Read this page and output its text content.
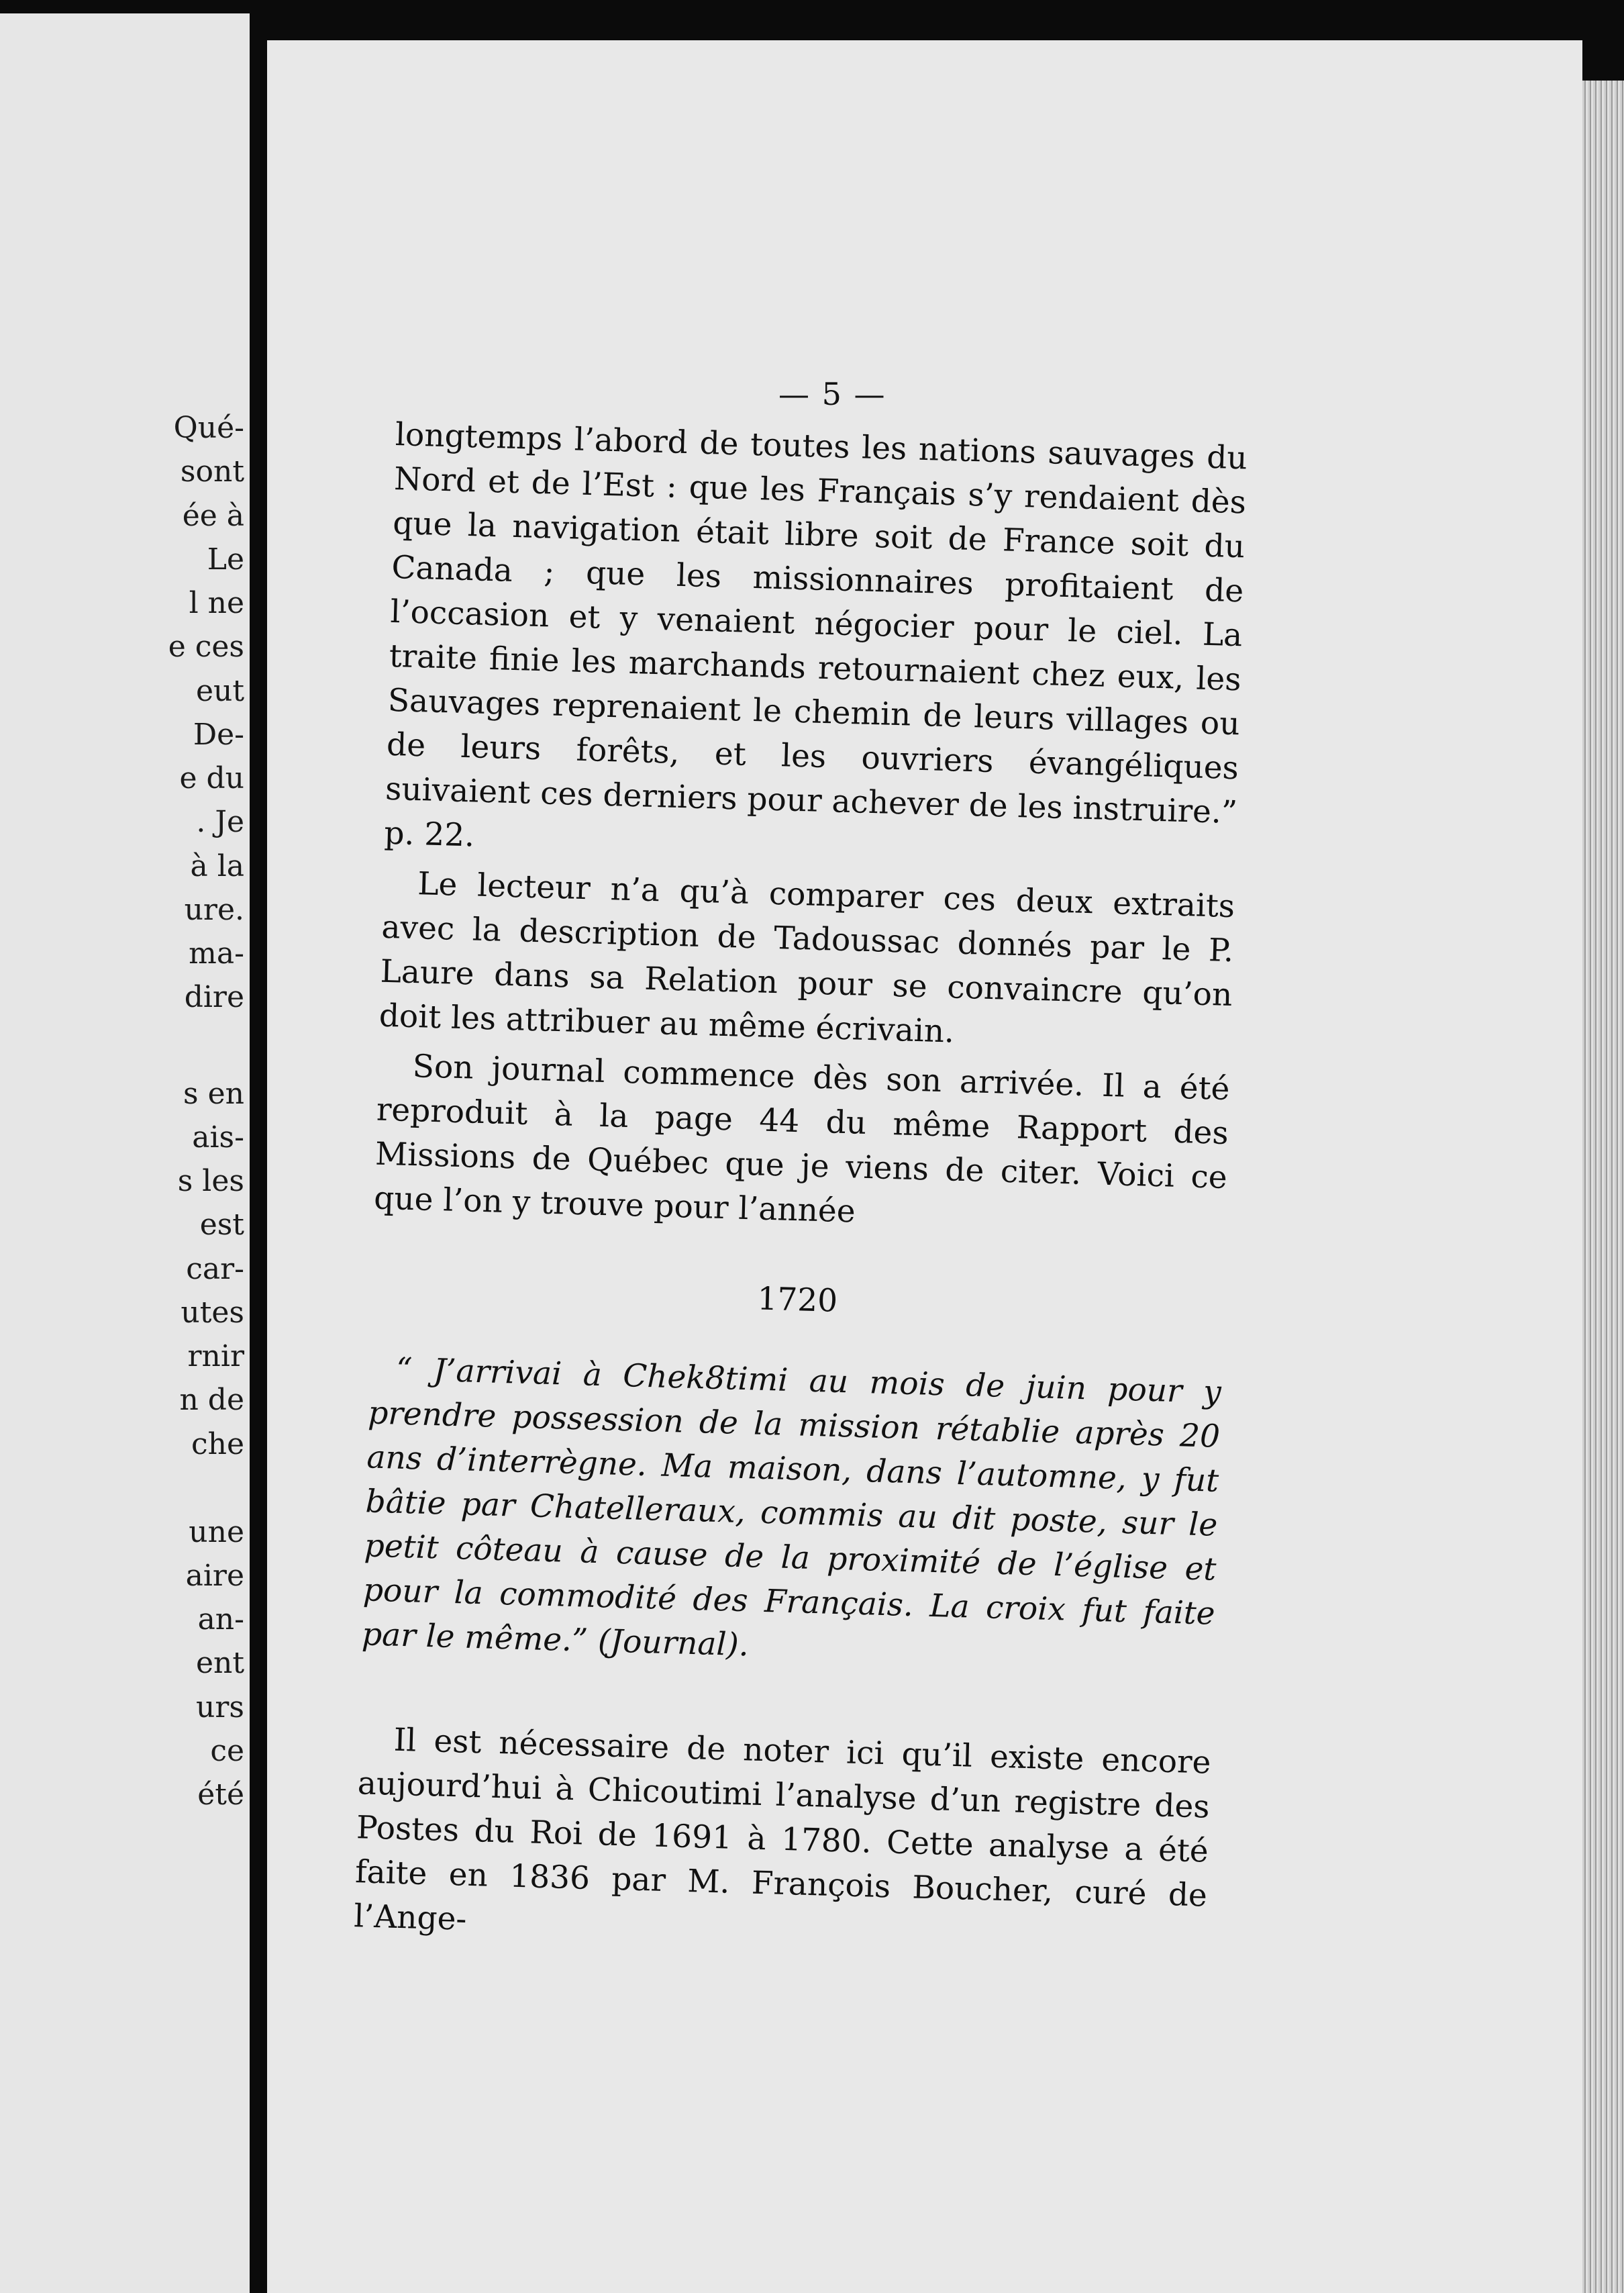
Qué-

sont

ée à

Le

l ne

e ces

eut

De-

e du

. Je

à la

ure.

ma-

dire

s en

ais-

s les

est

car-

utes

rnir

n de

che

une

aire

an-

ent

urs

ce

été

— 5 —

longtemps l’abord de toutes les nations sauvages du Nord et de l’Est : que les Français s’y rendaient dès que la navigation était libre soit de France soit du Canada ; que les missionnaires profitaient de l’occasion et y venaient négocier pour le ciel. La traite finie les marchands retournaient chez eux, les Sauvages reprenaient le chemin de leurs villages ou de leurs forêts, et les ouvriers évangéliques suivaient ces derniers pour achever de les instruire.” p. 22.

Le lecteur n’a qu’à comparer ces deux extraits avec la description de Tadoussac donnés par le P. Laure dans sa Relation pour se convaincre qu’on doit les attribuer au même écrivain.

Son journal commence dès son arrivée. Il a été reproduit à la page 44 du même Rapport des Missions de Québec que je viens de citer. Voici ce que l’on y trouve pour l’année

1720

“ J’arrivai à Chek8timi au mois de juin pour y prendre possession de la mission rétablie après 20 ans d’interrègne. Ma maison, dans l’automne, y fut bâtie par Chatelleraux, commis au dit poste, sur le petit côteau à cause de la proximité de l’église et pour la commodité des Français. La croix fut faite par le même.” (Journal).

Il est nécessaire de noter ici qu’il existe encore aujourd’hui à Chicoutimi l’analyse d’un registre des Postes du Roi de 1691 à 1780. Cette analyse a été faite en 1836 par M. François Boucher, curé de l’Ange-
